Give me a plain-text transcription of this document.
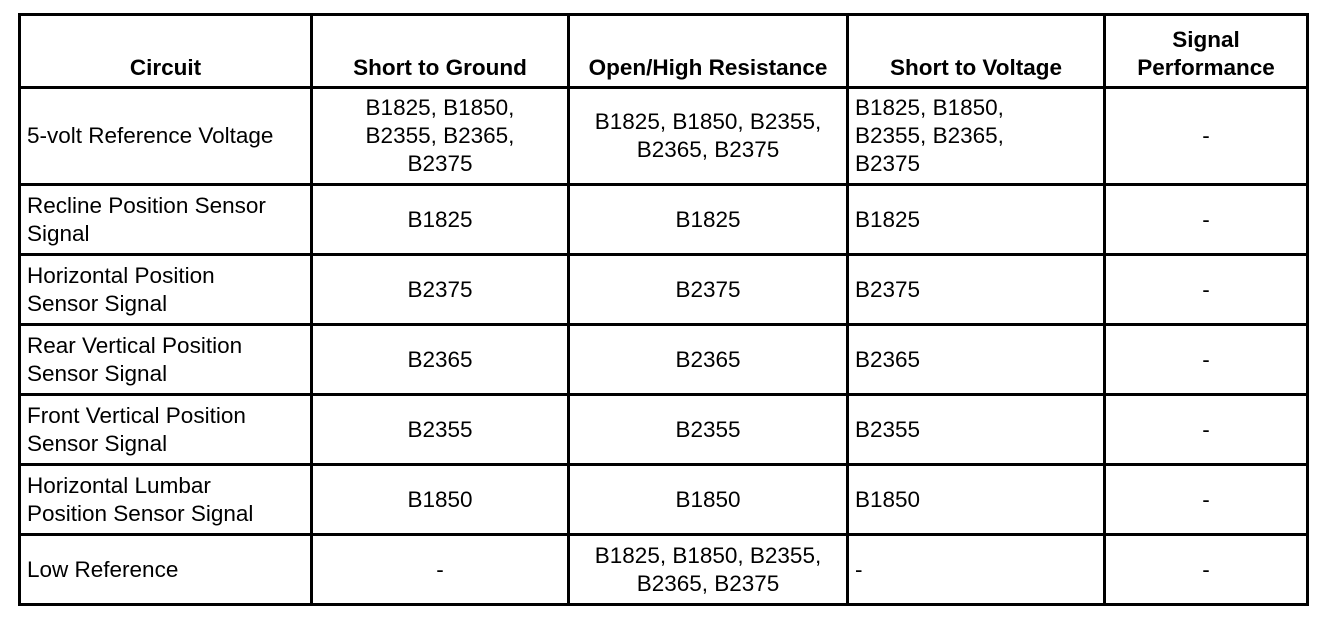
Circuit	Short to Ground	Open/High Resistance	Short to Voltage	Signal
Performance

5-volt Reference Voltage	B1825, B1850,
B2355, B2365,
B2375	B1825, B1850, B2355,
B2365, B2375	B1825, B1850,
B2355, B2365,
B2375	-

Recline Position Sensor
Signal	B1825	B1825	B1825	-

Horizontal Position
Sensor Signal	B2375	B2375	B2375	-

Rear Vertical Position
Sensor Signal	B2365	B2365	B2365	-

Front Vertical Position
Sensor Signal	B2355	B2355	B2355	-

Horizontal Lumbar
Position Sensor Signal	B1850	B1850	B1850	-
Low Reference	-	B1825, B1850, B2355,
B2365, B2375	-	-
